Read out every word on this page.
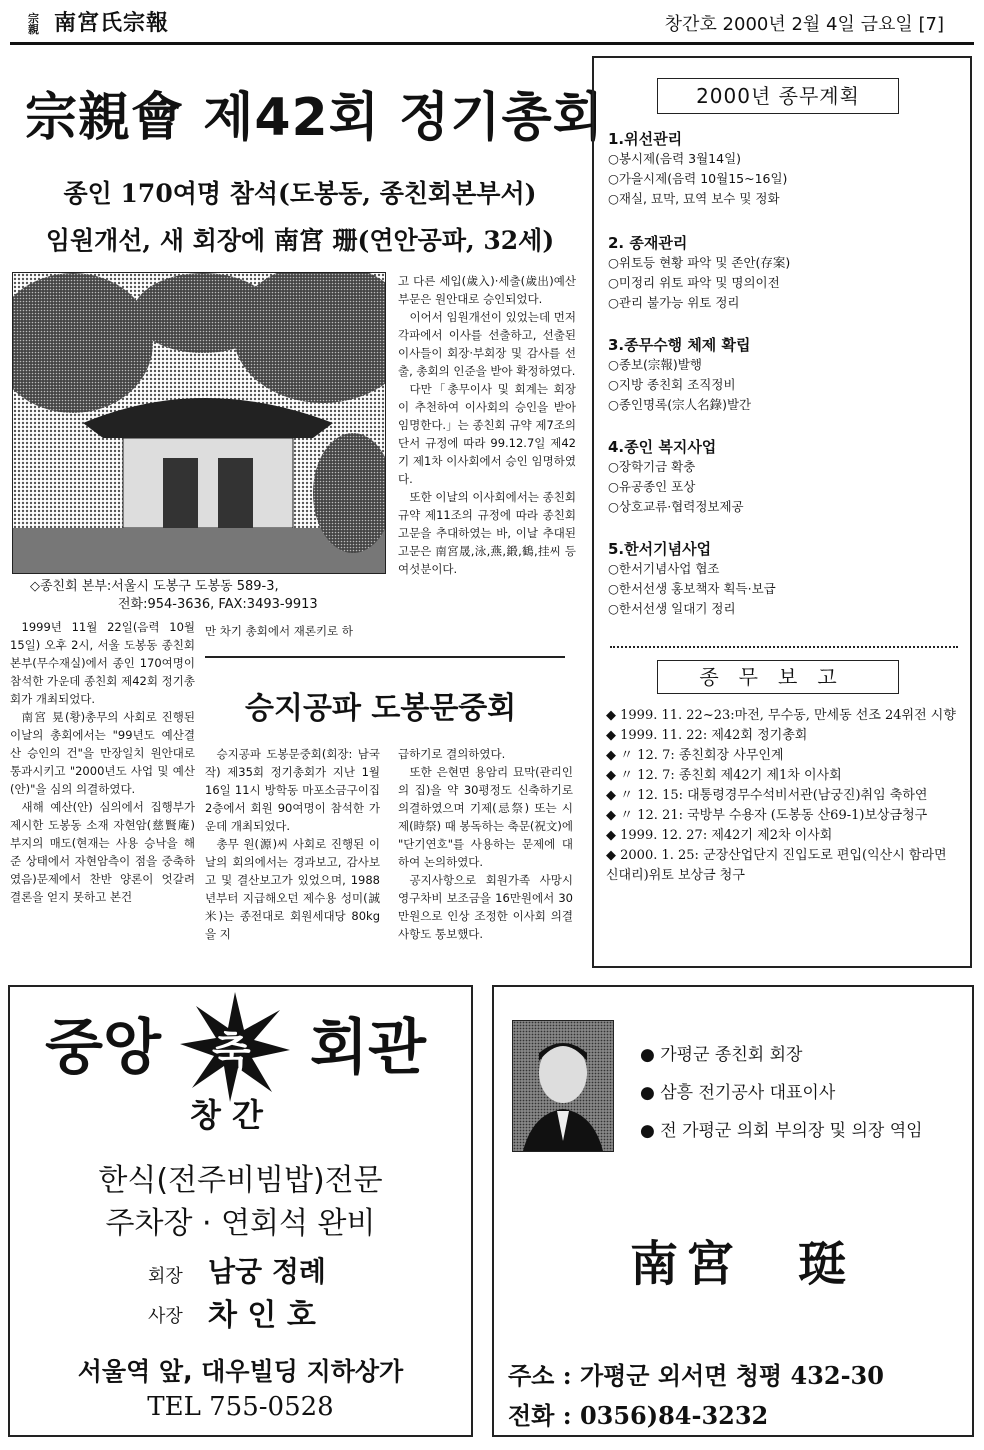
宗親 南宮氏宗報	창간호 2000년 2월 4일 금요일 [7]
宗親會 제42회 정기총회
종인 170여명 참석(도봉동, 종친회본부서)
임원개선, 새 회장에 南宮 珊(연안공파, 32세)
◇종친회 본부:서울시 도봉구 도봉동 589-3,
전화:954-3636, FAX:3493-9913

고 다른 세입(歲入)·세출(歲出)예산 부문은 원안대로 승인되었다.

이어서 임원개선이 있었는데 먼저 각파에서 이사를 선출하고, 선출된 이사들이 회장·부회장 및 감사를 선출, 총회의 인준을 받아 확정하였다.

다만「총무이사 및 회계는 회장이 추천하여 이사회의 승인을 받아 임명한다.」는 종친회 규약 제7조의 단서 규정에 따라 99.12.7일 제42기 제1차 이사회에서 승인 임명하였다.

또한 이날의 이사회에서는 종친회 규약 제11조의 규정에 따라 종친회 고문을 추대하였는 바, 이날 추대된 고문은 南宮晟,泳,燕,鍛,鶴,挂씨 등 여섯분이다.

1999년 11월 22일(음력 10월 15일) 오후 2시, 서울 도봉동 종친회 본부(무수재실)에서 종인 170여명이 참석한 가운데 종친회 제42회 정기총회가 개최되었다.

南宮 晃(황)총무의 사회로 진행된 이날의 총회에서는 "99년도 예산결산 승인의 건"을 만장일치 원안대로 통과시키고 "2000년도 사업 및 예산(안)"을 심의 의결하였다.

새해 예산(안) 심의에서 집행부가 제시한 도봉동 소재 자현암(慈賢庵) 부지의 매도(현재는 사용 승낙을 해 준 상태에서 자현암측이 점을 중축하였음)문제에서 찬반 양론이 엇갈려 결론을 얻지 못하고 본건

만 차기 총회에서 재론키로 하
승지공파 도봉문중회

승지공파 도봉문중회(회장: 남국 작) 제35회 정기총회가 지난 1월 16일 11시 방학동 마포소금구이집 2층에서 회원 90여명이 참석한 가운데 개최되었다.

총무 원(源)씨 사회로 진행된 이날의 회의에서는 경과보고, 감사보고 및 결산보고가 있었으며, 1988년부터 지급해오던 제수용 성미(誠米)는 종전대로 회원세대당 80kg을 지

급하기로 결의하였다.

또한 은현면 용암리 묘막(관리인의 집)을 약 30평정도 신축하기로 의결하였으며 기제(忌祭) 또는 시제(時祭) 때 봉독하는 축문(祝文)에 "단기연호"를 사용하는 문제에 대하여 논의하였다.

공지사항으로 회원가족 사망시 영구차비 보조금을 16만원에서 30만원으로 인상 조정한 이사회 의결사항도 통보했다.

2000년 종무계획
1.위선관리
○봉시제(음력 3월14일)
○가을시제(음력 10월15~16일)
○재실, 묘막, 묘역 보수 및 정화
2. 종재관리
○위토등 현황 파악 및 존안(存案)
○미정리 위토 파악 및 명의이전
○관리 불가능 위토 정리
3.종무수행 체제 확립
○종보(宗報)발행
○지방 종친회 조직정비
○종인명록(宗人名錄)발간
4.종인 복지사업
○장학기금 확충
○유공종인 포상
○상호교류·협력정보제공
5.한서기념사업
○한서기념사업 협조
○한서선생 홍보책자 획득·보급
○한서선생 일대기 정리
종무보고
◆ 1999. 11. 22~23:마전, 무수동, 만세동 선조 24위전 시향
◆ 1999. 11. 22: 제42회 정기총회
◆ 〃 12. 7: 종친회장 사무인계
◆ 〃 12. 7: 종친회 제42기 제1차 이사회
◆ 〃 12. 15: 대통령경무수석비서관(남궁진)취임 축하연
◆ 〃 12. 21: 국방부 수용자 (도봉동 산69-1)보상금청구
◆ 1999. 12. 27: 제42기 제2차 이사회
◆ 2000. 1. 25: 군장산업단지 진입도로 편입(익산시 함라면 신대리)위토 보상금 청구
중앙 축 회관
창 간
한식(전주비빔밥)전문
주차장 · 연회석 완비
회장 남궁 정례
사장 차 인 호
서울역 앞, 대우빌딩 지하상가
TEL 755-0528
● 가평군 종친회 회장
● 삼흥 전기공사 대표이사
● 전 가평군 의회 부의장 및 의장 역임
南宮　珽
주소 : 가평군 외서면 청평 432-30
전화 : 0356)84-3232
